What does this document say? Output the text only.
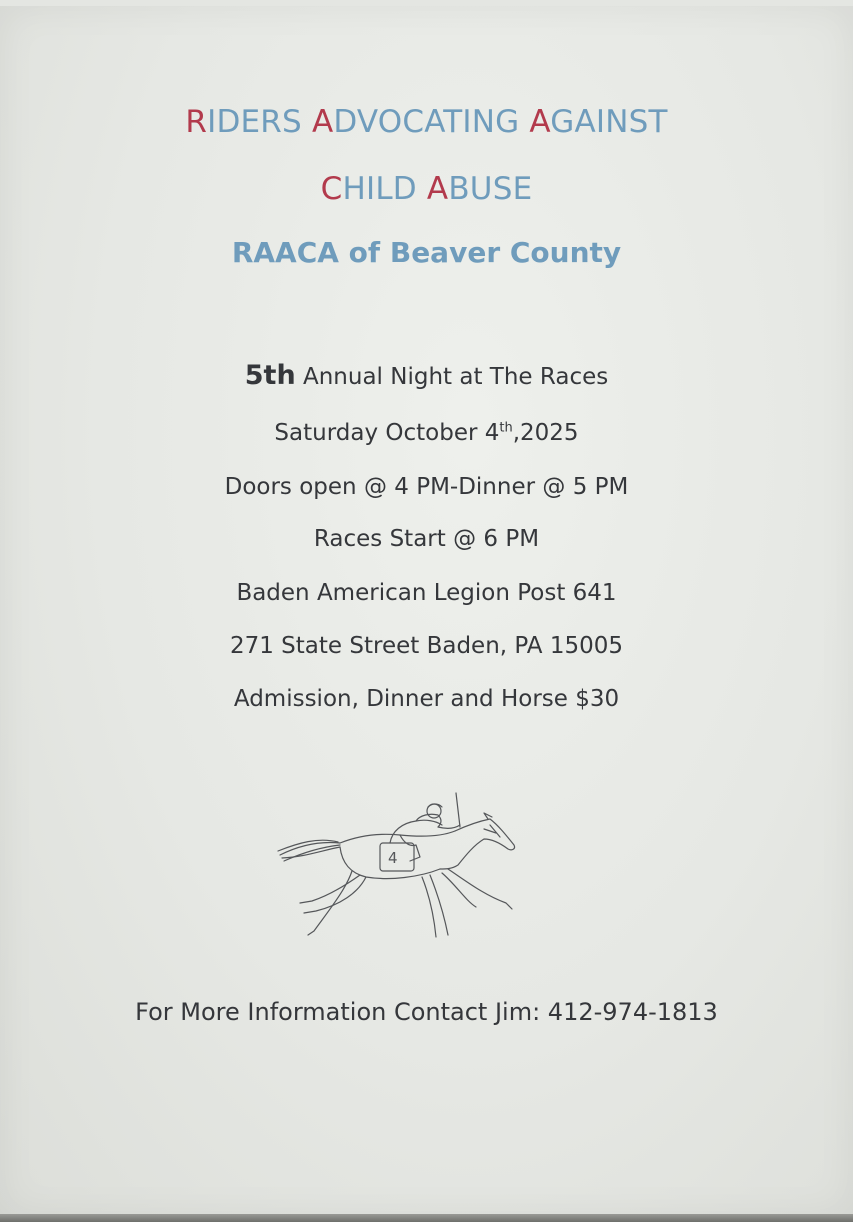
RIDERS ADVOCATING AGAINST
CHILD ABUSE
RAACA of Beaver County
5th Annual Night at The Races
Saturday October 4th,2025
Doors open @ 4 PM-Dinner @ 5 PM
Races Start @ 6 PM
Baden American Legion Post 641
271 State Street Baden, PA 15005
Admission, Dinner and Horse $30
4
For More Information Contact Jim: 412-974-1813
